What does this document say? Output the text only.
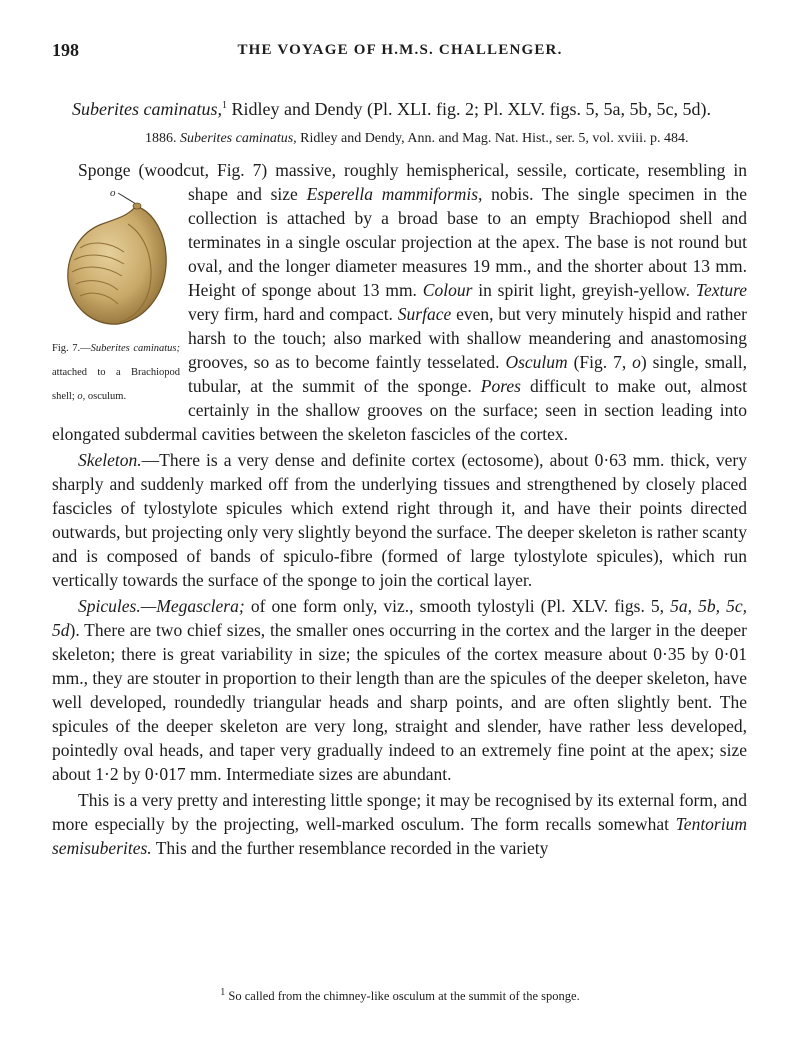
198	THE VOYAGE OF H.M.S. CHALLENGER.

Suberites caminatus,$^1$ Ridley and Dendy (Pl. XLI. fig. 2; Pl. XLV. figs. 5, 5a, 5b, 5c, 5d).

1886. Suberites caminatus, Ridley and Dendy, Ann. and Mag. Nat. Hist., ser. 5, vol. xviii. p. 484.

Sponge (woodcut, Fig. 7) massive, roughly hemispherical, sessile, corticate, resembling in shape and size Esperella mammiformis,
o
Fig. 7.—Suberites caminatus; attached to a Brachiopod shell; o, osculum.
nobis. The single specimen in the collection is attached by a broad base to an empty Brachiopod shell and terminates in a single oscular projection at the apex. The base is not round but oval, and the longer diameter measures 19 mm., and the shorter about 13 mm. Height of sponge about 13 mm. Colour in spirit light, greyish-yellow. Texture very firm, hard and compact. Surface even, but very minutely hispid and rather harsh to the touch; also marked with shallow meandering and anastomosing grooves, so as to become faintly tesselated. Osculum (Fig. 7, o) single, small, tubular, at the summit of the sponge. Pores difficult to make out, almost certainly in the shallow grooves on the surface; seen in section leading into elongated subdermal cavities between the skeleton fascicles of the cortex.

Skeleton.—There is a very dense and definite cortex (ectosome), about 0·63 mm. thick, very sharply and suddenly marked off from the underlying tissues and strengthened by closely placed fascicles of tylostylote spicules which extend right through it, and have their points directed outwards, but projecting only very slightly beyond the surface. The deeper skeleton is rather scanty and is composed of bands of spiculo-fibre (formed of large tylostylote spicules), which run vertically towards the surface of the sponge to join the cortical layer.

Spicules.—Megasclera; of one form only, viz., smooth tylostyli (Pl. XLV. figs. 5, 5a, 5b, 5c, 5d). There are two chief sizes, the smaller ones occurring in the cortex and the larger in the deeper skeleton; there is great variability in size; the spicules of the cortex measure about 0·35 by 0·01 mm., they are stouter in proportion to their length than are the spicules of the deeper skeleton, have well developed, roundedly triangular heads and sharp points, and are often slightly bent. The spicules of the deeper skeleton are very long, straight and slender, have rather less developed, pointedly oval heads, and taper very gradually indeed to an extremely fine point at the apex; size about 1·2 by 0·017 mm. Intermediate sizes are abundant.

This is a very pretty and interesting little sponge; it may be recognised by its external form, and more especially by the projecting, well-marked osculum. The form recalls somewhat Tentorium semisuberites. This and the further resemblance recorded in the variety

$^1$ So called from the chimney-like osculum at the summit of the sponge.
